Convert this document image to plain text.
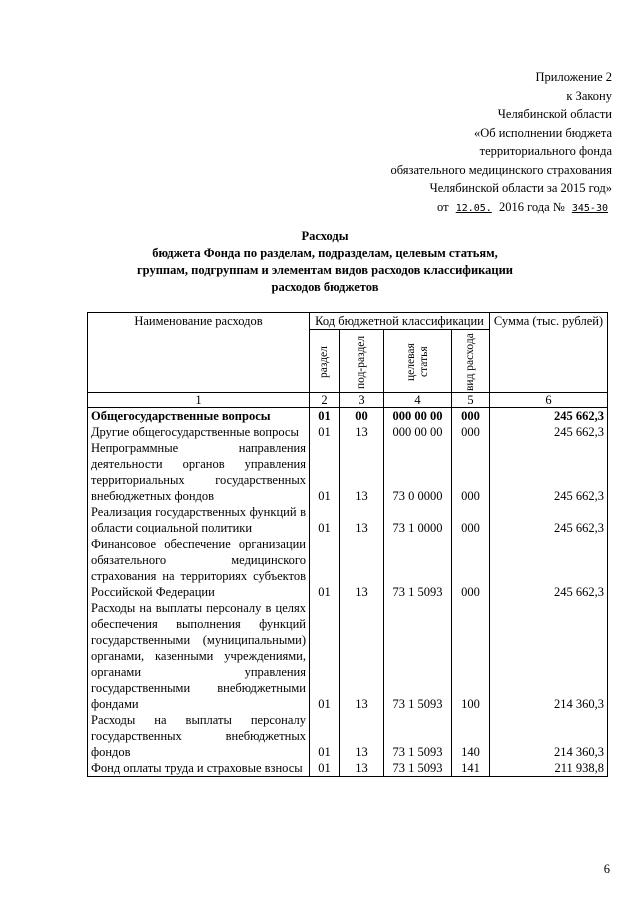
Приложение 2
к Закону
Челябинской области
«Об исполнении бюджета
территориального фонда
обязательного медицинского страхования
Челябинской области за 2015 год»
от 12.05. 2016 года № 345-30
Расходы
бюджета Фонда по разделам, подразделам, целевым статьям,
группам, подгруппам и элементам видов расходов классификации
расходов бюджетов
Наименование расходов	Код бюджетной классификации				Сумма (тыс. рублей)

	раздел	под-раздел	целевая статья	вид расхода	

1	2	3	4	5	6
Общегосударственные вопросы	01	00	000 00 00	000	245 662,3
Другие общегосударственные вопросы	01	13	000 00 00	000	245 662,3
Непрограммные направления деятельности органов управления территориальных государственных внебюджетных фондов	01	13	73 0 0000	000	245 662,3
Реализация государственных функций в области социальной политики	01	13	73 1 0000	000	245 662,3
Финансовое обеспечение организации обязательного медицинского страхования на территориях субъектов Российской Федерации	01	13	73 1 5093	000	245 662,3
Расходы на выплаты персоналу в целях обеспечения выполнения функций государственными (муниципальными) органами, казенными учреждениями, органами управления государственными внебюджетными фондами	01	13	73 1 5093	100	214 360,3
Расходы на выплаты персоналу государственных внебюджетных фондов	01	13	73 1 5093	140	214 360,3
Фонд оплаты труда и страховые взносы	01	13	73 1 5093	141	211 938,8
6
